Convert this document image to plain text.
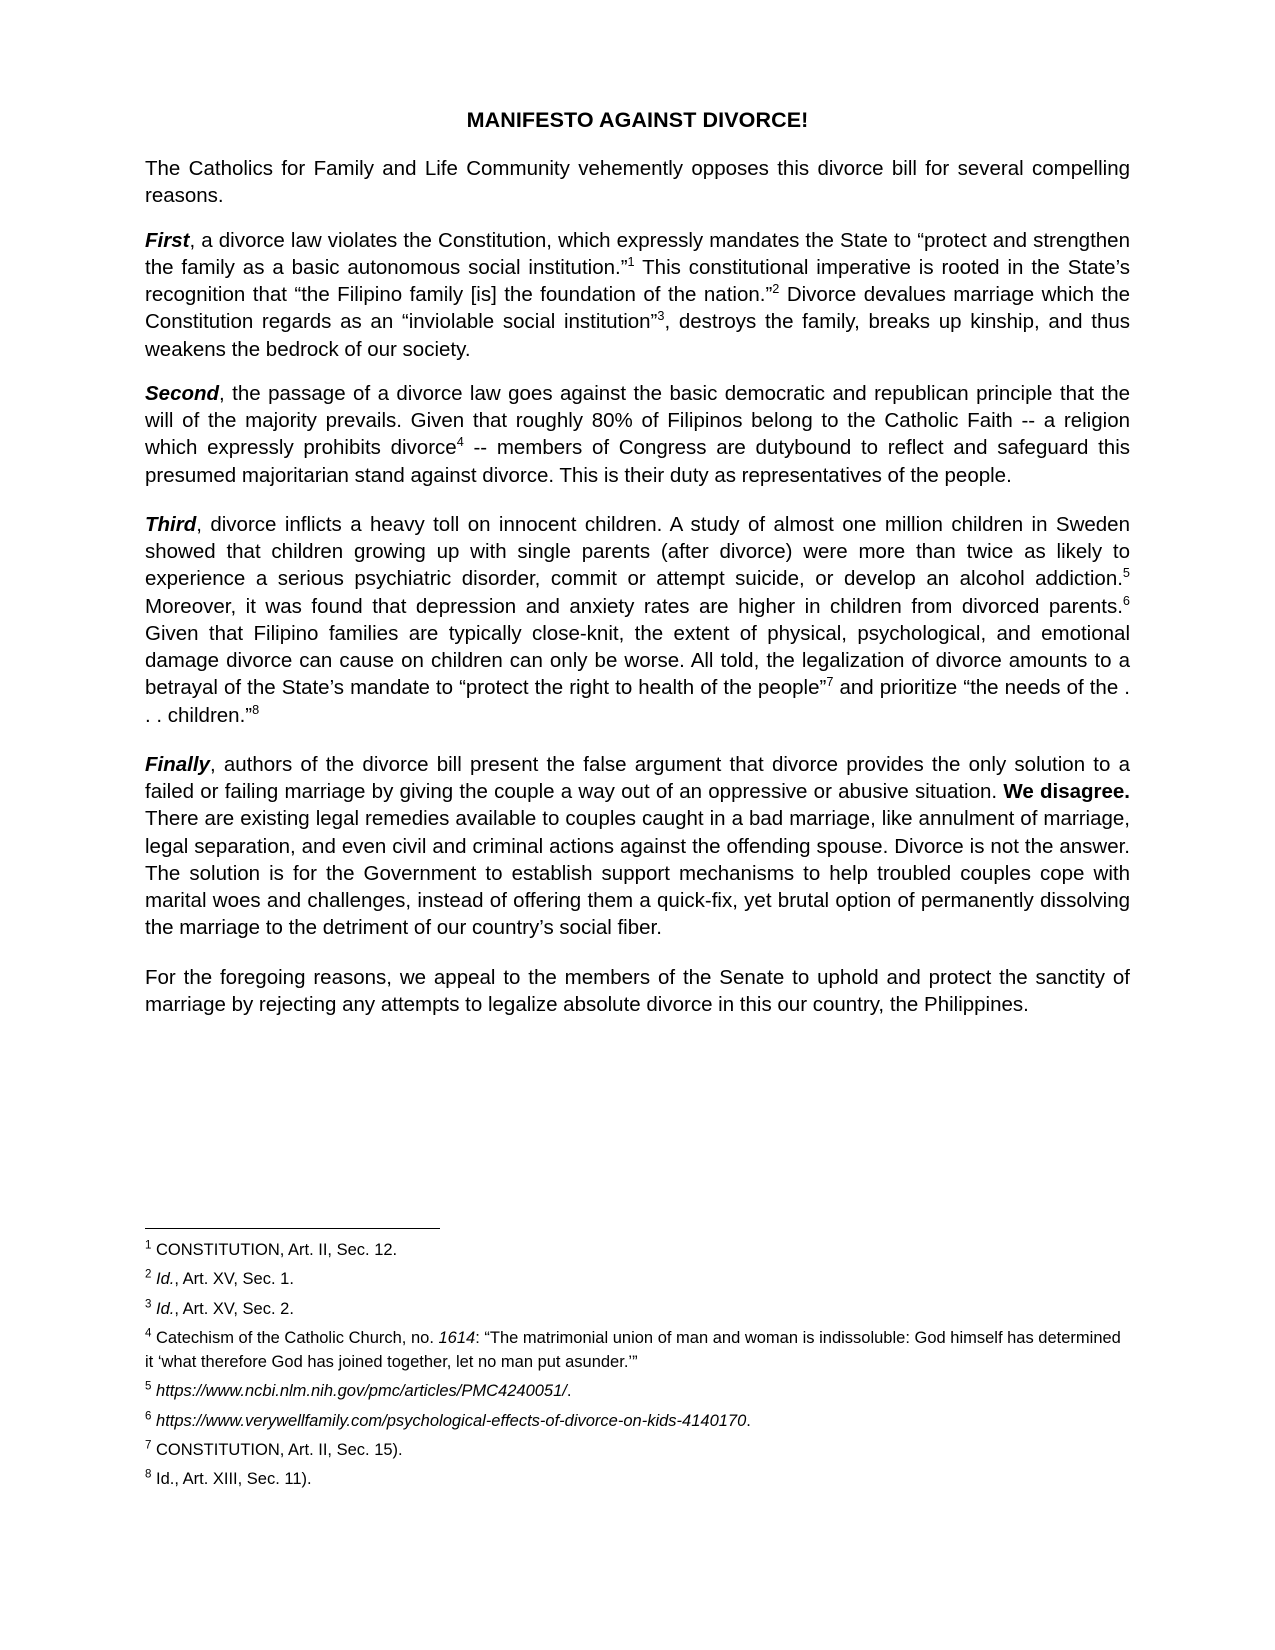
MANIFESTO AGAINST DIVORCE!

The Catholics for Family and Life Community vehemently opposes this divorce bill for several compelling reasons.

First, a divorce law violates the Constitution, which expressly mandates the State to “protect and strengthen the family as a basic autonomous social institution.”$^1$ This constitutional imperative is rooted in the State’s recognition that “the Filipino family [is] the foundation of the nation.”$^2$ Divorce devalues marriage which the Constitution regards as an “inviolable social institution”$^3$, destroys the family, breaks up kinship, and thus weakens the bedrock of our society.

Second, the passage of a divorce law goes against the basic democratic and republican principle that the will of the majority prevails. Given that roughly 80% of Filipinos belong to the Catholic Faith -- a religion which expressly prohibits divorce$^4$ -- members of Congress are dutybound to reflect and safeguard this presumed majoritarian stand against divorce. This is their duty as representatives of the people.

Third, divorce inflicts a heavy toll on innocent children. A study of almost one million children in Sweden showed that children growing up with single parents (after divorce) were more than twice as likely to experience a serious psychiatric disorder, commit or attempt suicide, or develop an alcohol addiction.$^5$ Moreover, it was found that depression and anxiety rates are higher in children from divorced parents.$^6$ Given that Filipino families are typically close-knit, the extent of physical, psychological, and emotional damage divorce can cause on children can only be worse. All told, the legalization of divorce amounts to a betrayal of the State’s mandate to “protect the right to health of the people”$^7$ and prioritize “the needs of the . . . children.”$^8$

Finally, authors of the divorce bill present the false argument that divorce provides the only solution to a failed or failing marriage by giving the couple a way out of an oppressive or abusive situation. We disagree. There are existing legal remedies available to couples caught in a bad marriage, like annulment of marriage, legal separation, and even civil and criminal actions against the offending spouse. Divorce is not the answer. The solution is for the Government to establish support mechanisms to help troubled couples cope with marital woes and challenges, instead of offering them a quick-fix, yet brutal option of permanently dissolving the marriage to the detriment of our country’s social fiber.

For the foregoing reasons, we appeal to the members of the Senate to uphold and protect the sanctity of marriage by rejecting any attempts to legalize absolute divorce in this our country, the Philippines.

$^1$ CONSTITUTION, Art. II, Sec. 12.

$^2$ Id., Art. XV, Sec. 1.

$^3$ Id., Art. XV, Sec. 2.

$^4$ Catechism of the Catholic Church, no. 1614: “The matrimonial union of man and woman is indissoluble: God himself has determined it ‘what therefore God has joined together, let no man put asunder.’”

$^5$ https://www.ncbi.nlm.nih.gov/pmc/articles/PMC4240051/.

$^6$ https://www.verywellfamily.com/psychological-effects-of-divorce-on-kids-4140170.

$^7$ CONSTITUTION, Art. II, Sec. 15).

$^8$ Id., Art. XIII, Sec. 11).
